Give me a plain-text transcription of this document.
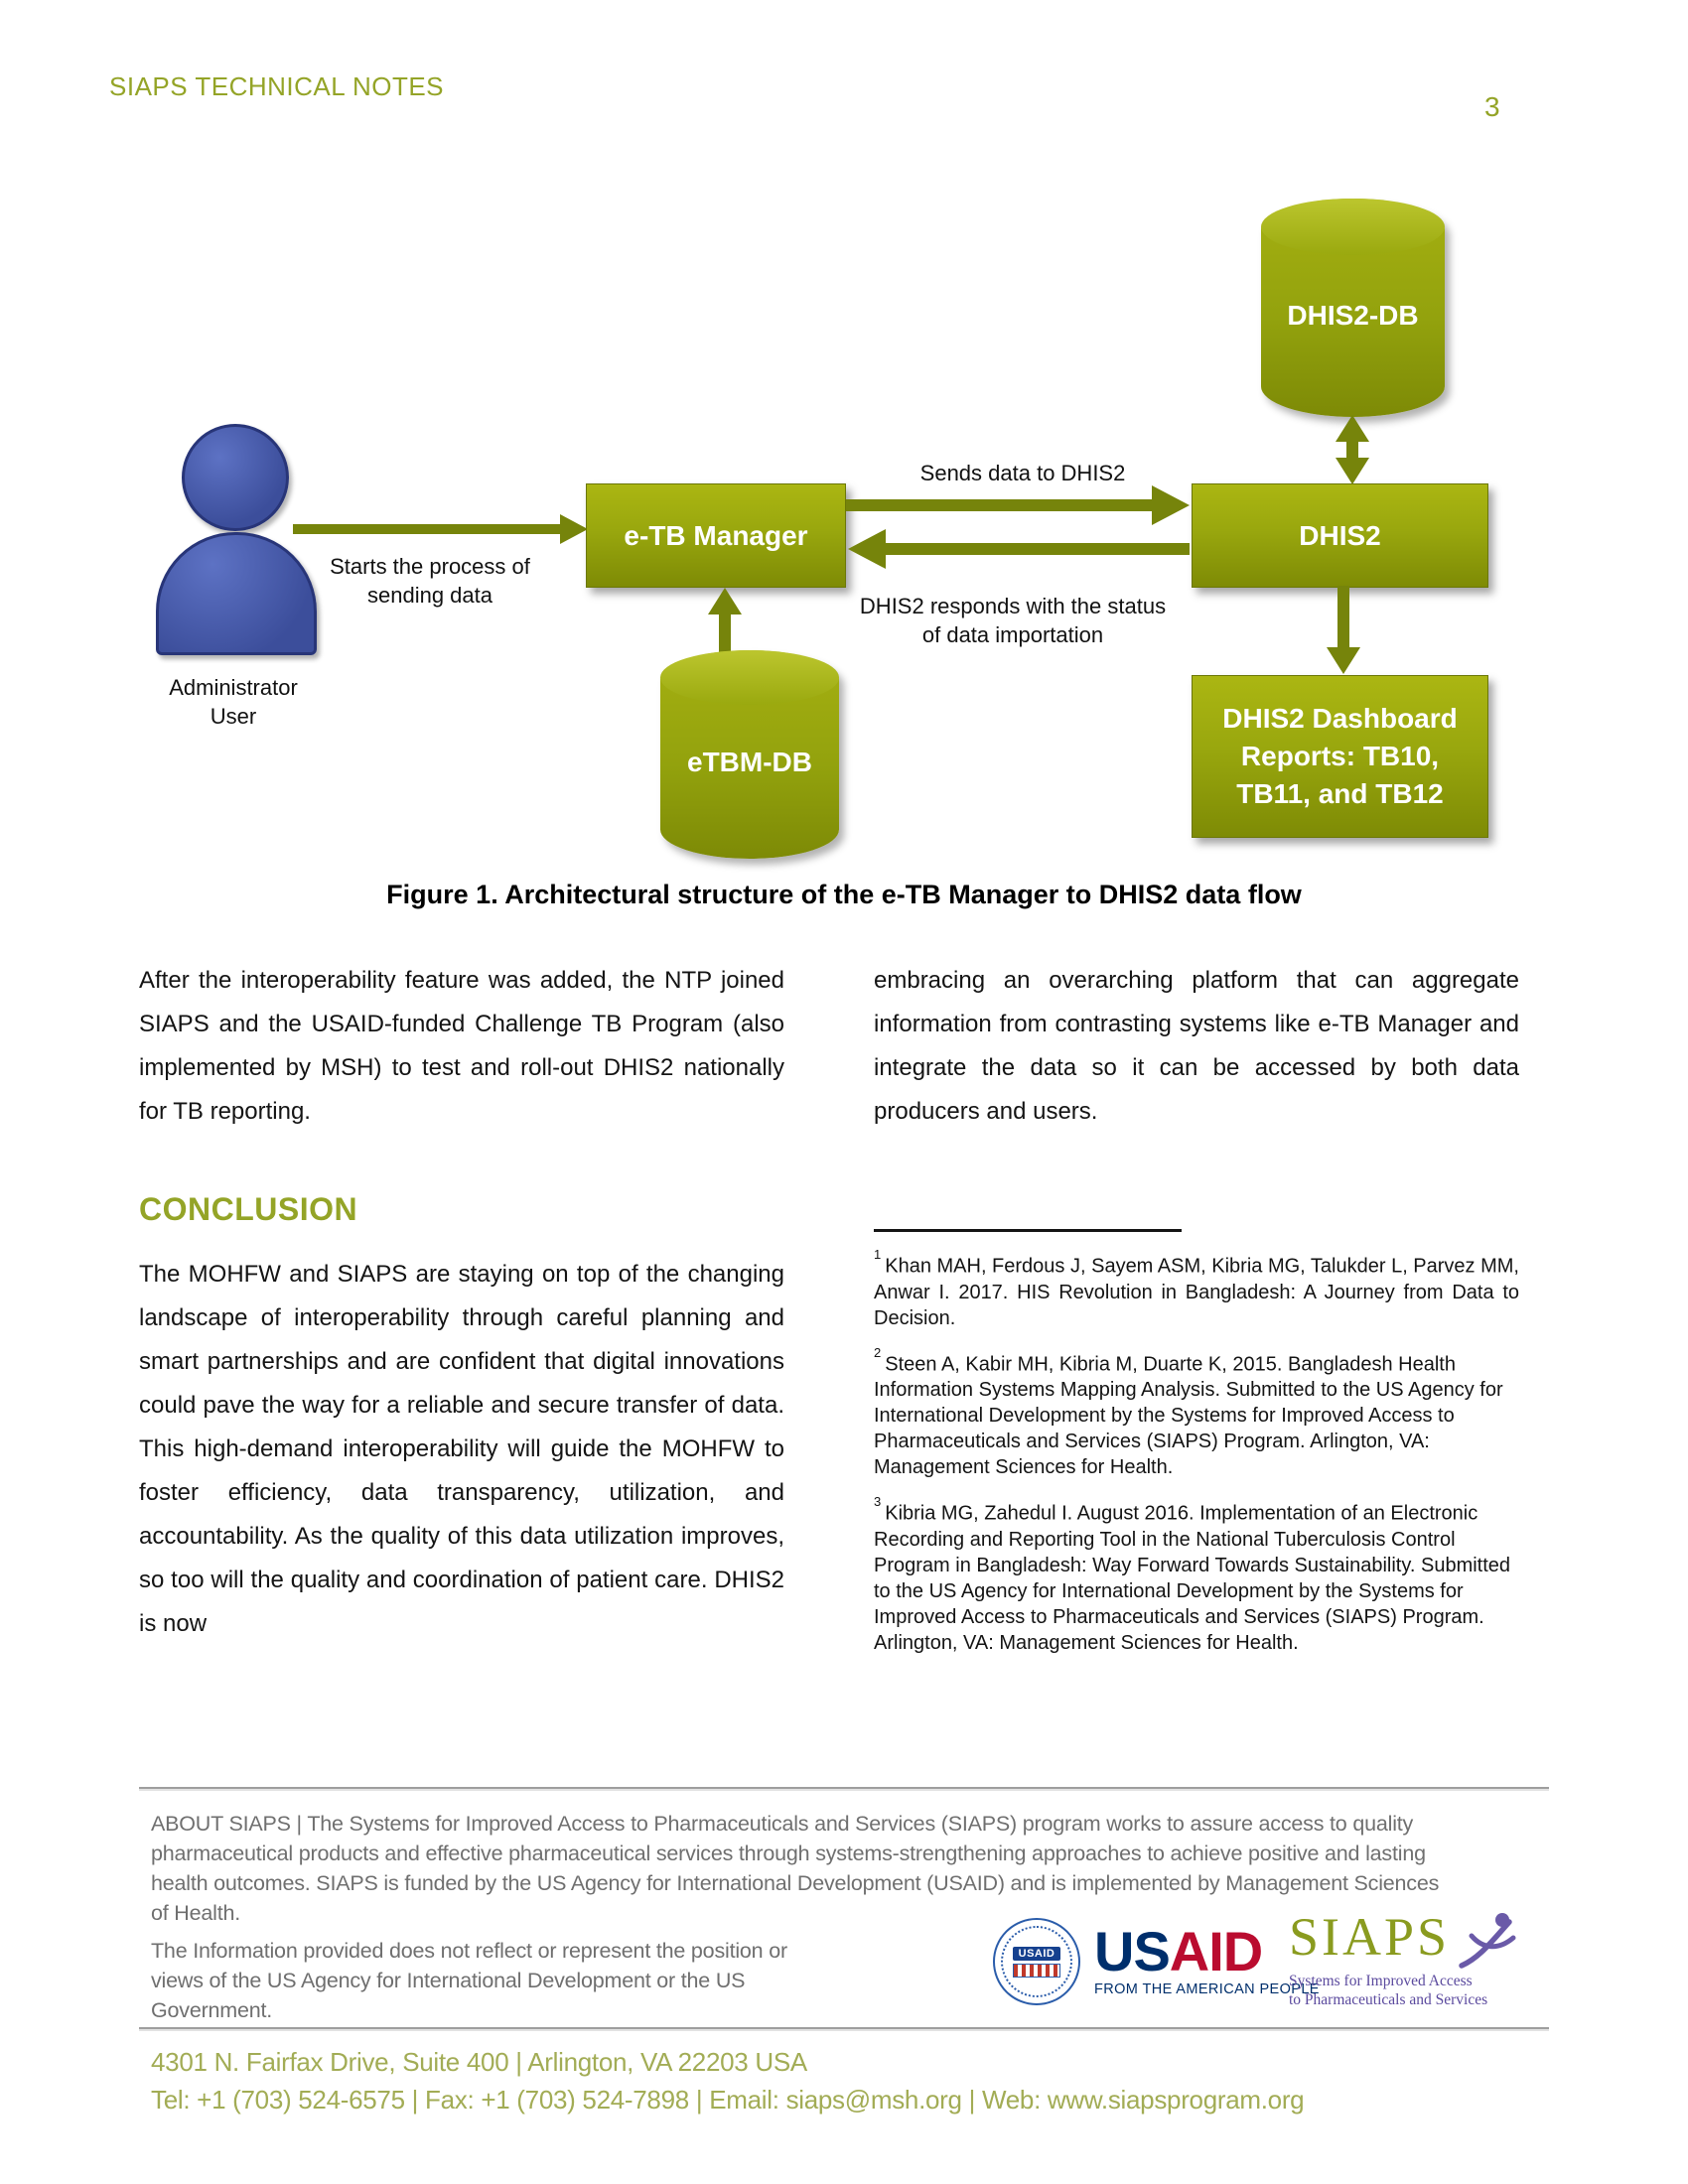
SIAPS TECHNICAL NOTES
3
Administrator User
Starts the process of sending data
e-TB Manager	DHIS2
Sends data to DHIS2
DHIS2 responds with the status of data importation
eTBM-DB
DHIS2-DB
DHIS2 Dashboard Reports: TB10, TB11, and TB12
Figure 1. Architectural structure of the e-TB Manager to DHIS2 data flow
After the interoperability feature was added, the NTP joined SIAPS and the USAID-funded Challenge TB Program (also implemented by MSH) to test and roll-out DHIS2 nationally for TB reporting.
embracing an overarching platform that can aggregate information from contrasting systems like e-TB Manager and integrate the data so it can be accessed by both data producers and users.
CONCLUSION
The MOHFW and SIAPS are staying on top of the changing landscape of interoperability through careful planning and smart partnerships and are confident that digital innovations could pave the way for a reliable and secure transfer of data. This high-demand interoperability will guide the MOHFW to foster efficiency, data transparency, utilization, and accountability. As the quality of this data utilization improves, so too will the quality and coordination of patient care. DHIS2 is now
$^1$Khan MAH, Ferdous J, Sayem ASM, Kibria MG, Talukder L, Parvez MM, Anwar I. 2017. HIS Revolution in Bangladesh: A Journey from Data to Decision.
$^2$Steen A, Kabir MH, Kibria M, Duarte K, 2015. Bangladesh Health Information Systems Mapping Analysis. Submitted to the US Agency for International Development by the Systems for Improved Access to Pharmaceuticals and Services (SIAPS) Program. Arlington, VA: Management Sciences for Health.
$^3$Kibria MG, Zahedul I. August 2016. Implementation of an Electronic Recording and Reporting Tool in the National Tuberculosis Control Program in Bangladesh: Way Forward Towards Sustainability. Submitted to the US Agency for International Development by the Systems for Improved Access to Pharmaceuticals and Services (SIAPS) Program. Arlington, VA: Management Sciences for Health.
ABOUT SIAPS | The Systems for Improved Access to Pharmaceuticals and Services (SIAPS) program works to assure access to quality pharmaceutical products and effective pharmaceutical services through systems-strengthening approaches to achieve positive and lasting health outcomes. SIAPS is funded by the US Agency for International Development (USAID) and is implemented by Management Sciences of Health.
The Information provided does not reflect or represent the position or views of the US Agency for International Development or the US Government.
USAID USAID
FROM THE AMERICAN PEOPLE
SIAPS
Systems for Improved Access
to Pharmaceuticals and Services
4301 N. Fairfax Drive, Suite 400 | Arlington, VA 22203 USA
Tel: +1 (703) 524-6575 | Fax: +1 (703) 524-7898 | Email: siaps@msh.org | Web: www.siapsprogram.org
